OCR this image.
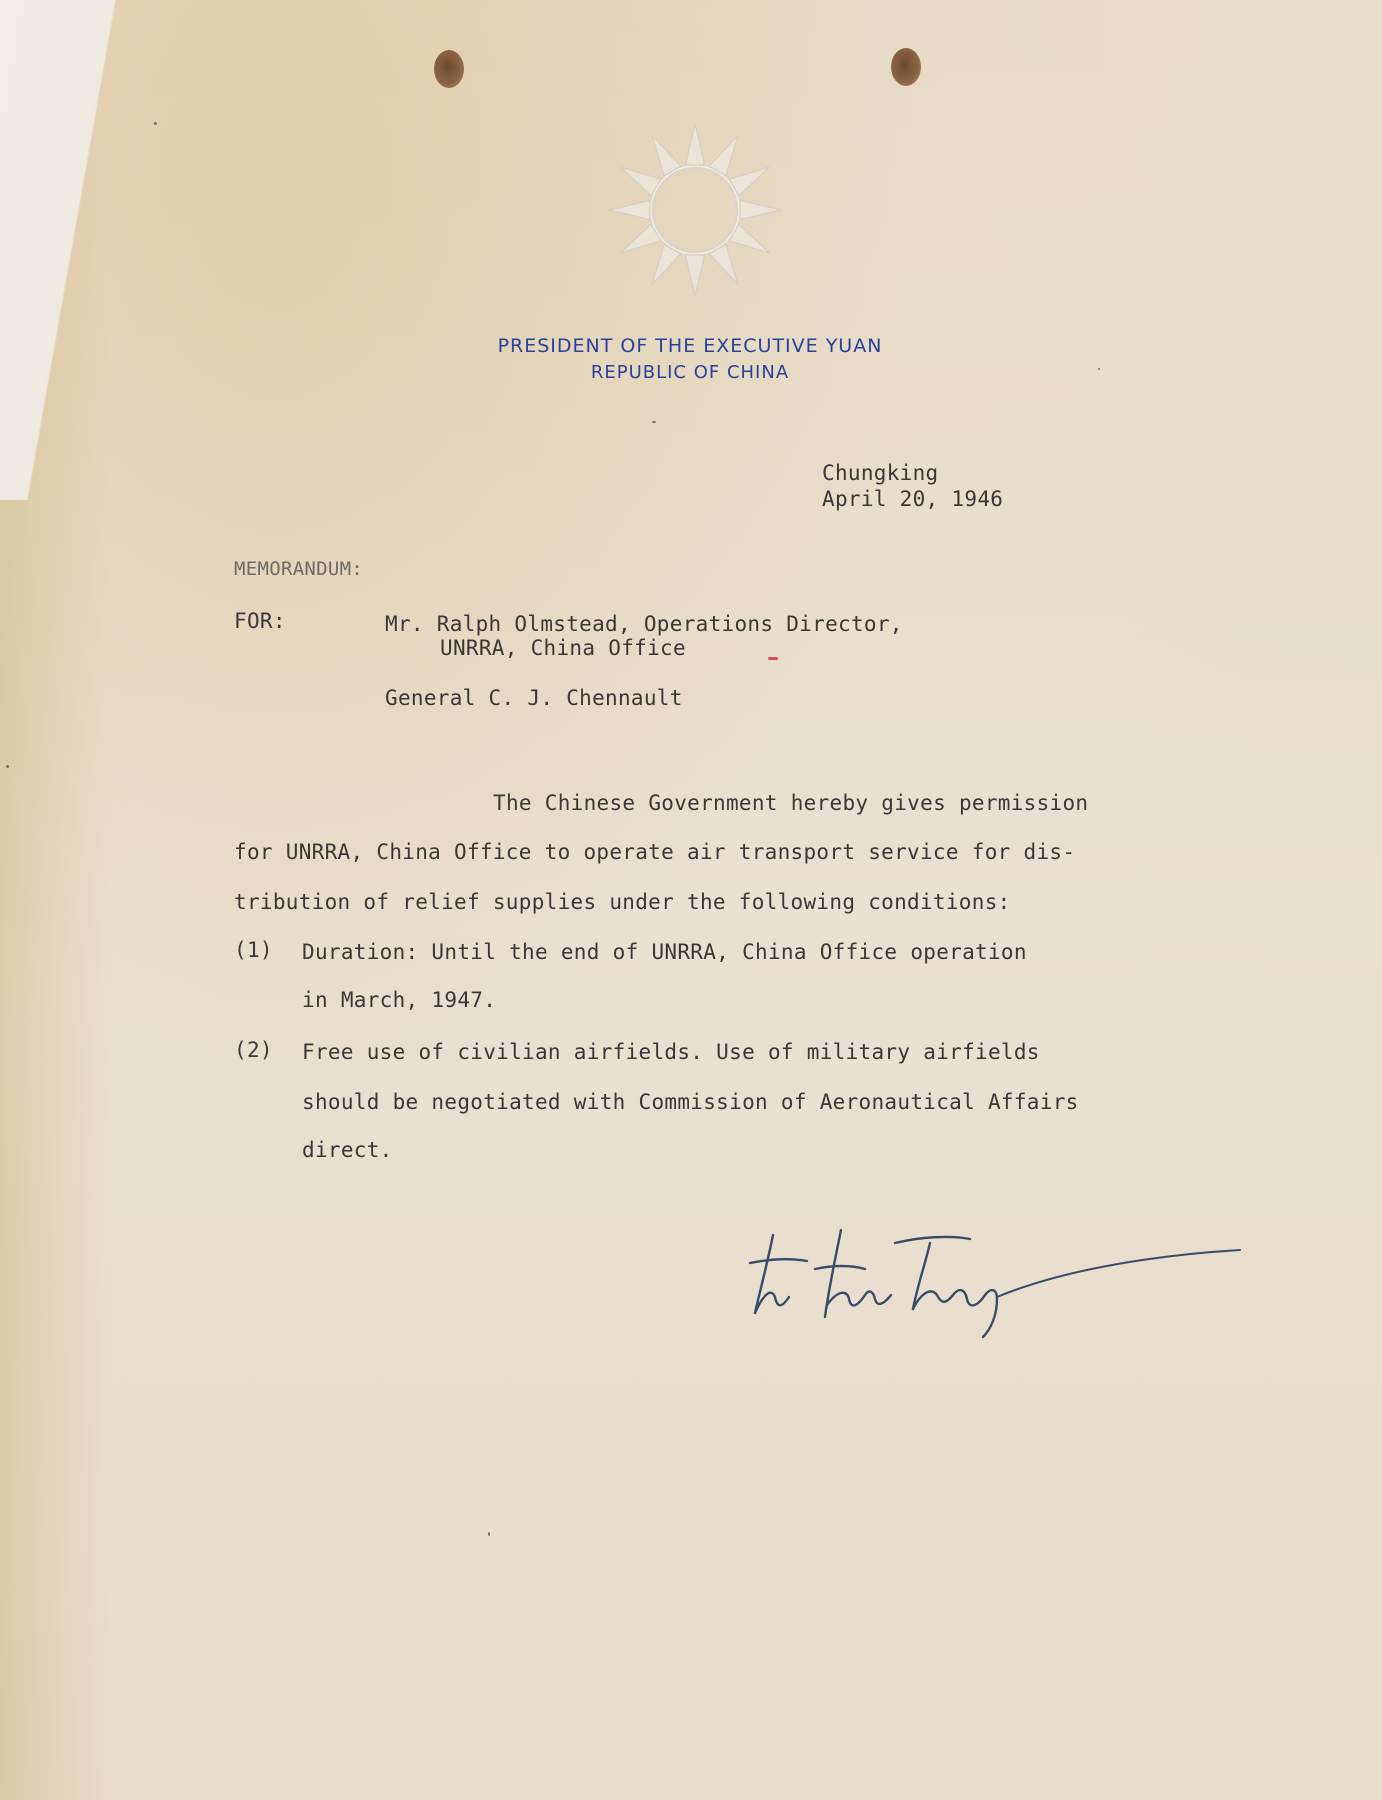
PRESIDENT OF THE EXECUTIVE YUAN
REPUBLIC OF CHINA
Chungking
April 20, 1946
MEMORANDUM:
FOR:	Mr. Ralph Olmstead, Operations Director,
UNRRA, China Office
General C. J. Chennault
The Chinese Government hereby gives permission
for UNRRA, China Office to operate air transport service for dis-
tribution of relief supplies under the following conditions:
(1) Duration: Until the end of UNRRA, China Office operation
in March, 1947.
(2) Free use of civilian airfields. Use of military airfields
should be negotiated with Commission of Aeronautical Affairs
direct.
